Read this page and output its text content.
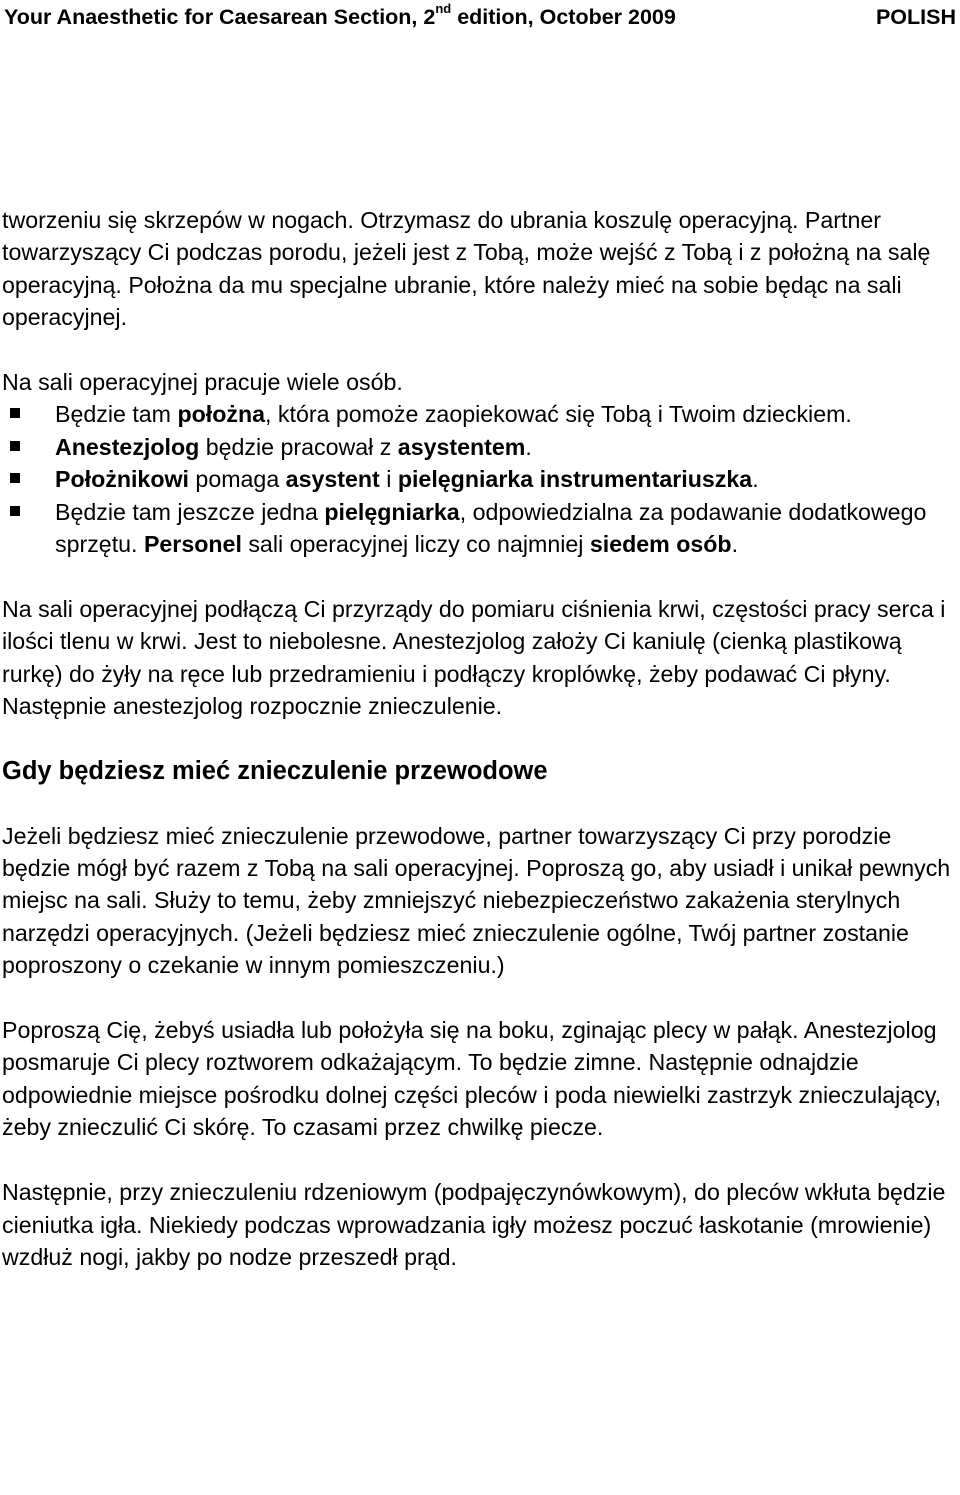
Your Anaesthetic for Caesarean Section, 2nd edition, October 2009	POLISH

tworzeniu się skrzepów w nogach. Otrzymasz do ubrania koszulę operacyjną. Partner towarzyszący Ci podczas porodu, jeżeli jest z Tobą, może wejść z Tobą i z położną na salę operacyjną. Położna da mu specjalne ubranie, które należy mieć na sobie będąc na sali operacyjnej.

Na sali operacyjnej pracuje wiele osób.

Będzie tam położna, która pomoże zaopiekować się Tobą i Twoim dzieckiem.
Anestezjolog będzie pracował z asystentem.
Położnikowi pomaga asystent i pielęgniarka instrumentariuszka.
Będzie tam jeszcze jedna pielęgniarka, odpowiedzialna za podawanie dodatkowego sprzętu. Personel sali operacyjnej liczy co najmniej siedem osób.

Na sali operacyjnej podłączą Ci przyrządy do pomiaru ciśnienia krwi, częstości pracy serca i ilości tlenu w krwi. Jest to niebolesne. Anestezjolog założy Ci kaniulę (cienką plastikową rurkę) do żyły na ręce lub przedramieniu i podłączy kroplówkę, żeby podawać Ci płyny. Następnie anestezjolog rozpocznie znieczulenie.

Gdy będziesz mieć znieczulenie przewodowe

Jeżeli będziesz mieć znieczulenie przewodowe, partner towarzyszący Ci przy porodzie będzie mógł być razem z Tobą na sali operacyjnej. Poproszą go, aby usiadł i unikał pewnych miejsc na sali. Służy to temu, żeby zmniejszyć niebezpieczeństwo zakażenia sterylnych narzędzi operacyjnych. (Jeżeli będziesz mieć znieczulenie ogólne, Twój partner zostanie poproszony o czekanie w innym pomieszczeniu.)

Poproszą Cię, żebyś usiadła lub położyła się na boku, zginając plecy w pałąk. Anestezjolog posmaruje Ci plecy roztworem odkażającym. To będzie zimne. Następnie odnajdzie odpowiednie miejsce pośrodku dolnej części pleców i poda niewielki zastrzyk znieczulający, żeby znieczulić Ci skórę. To czasami przez chwilkę piecze.

Następnie, przy znieczuleniu rdzeniowym (podpajęczynówkowym), do pleców wkłuta będzie cieniutka igła. Niekiedy podczas wprowadzania igły możesz poczuć łaskotanie (mrowienie) wzdłuż nogi, jakby po nodze przeszedł prąd.
